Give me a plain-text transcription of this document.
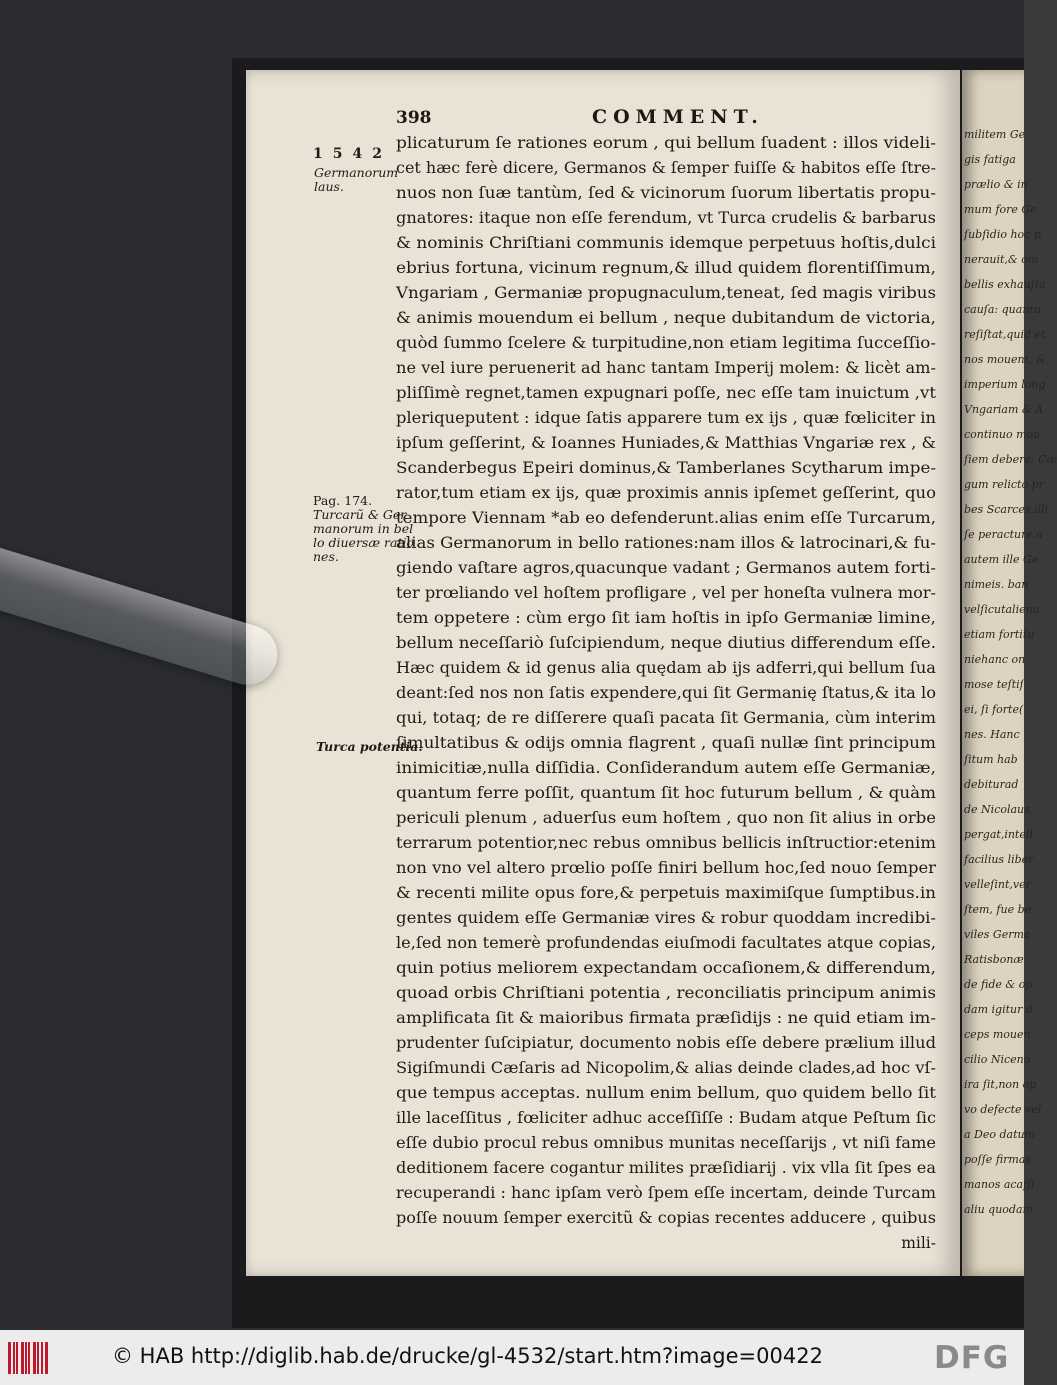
militem Ge
gis fatiga
prælio & in
mum fore Ge
ſubſidio hoc p
nerauit,& om
bellis exhauſta
cauſa: quantu
reſiſtat,quid et
nos mouent, &
imperium long
Vngariam & A
continuo mou
ſiem debere: Cæ
gum relicto pr
bes Scarces,illi
ſe peracture,a
autem ille Ge
nimeis. ban
velſicutaliena
etiam fortitu
niehanc on
mose teſtiſ
ei, ſi forte(
nes. Hanc
ſitum hab
debiturad
de Nicolaus
pergat,intell
facilius liber
velleſint,ver
ſtem, fue be
viles Germa
Ratisbonæ
de fide & op
dam igitur d
ceps mouen
cilio Niceno
ira ſit,non op
vo defecte vel
a Deo datum
poſſe firmas
manos acafſi
aliu quodam
398	COMMENT.
1542
Germanorum
laus.
Pag. 174.
Turcarũ & Ger
manorum in bel
lo diuersæ ratio
nes.
Turca potentia.
plicaturum ſe rationes eorum , qui bellum ſuadent : illos videli-
cet hæc ferè dicere, Germanos & ſemper fuiſſe & habitos eſſe ſtre-
nuos non ſuæ tantùm, ſed & vicinorum ſuorum libertatis propu-
gnatores: itaque non eſſe ferendum, vt Turca crudelis & barbarus
& nominis Chriſtiani communis idemque perpetuus hoſtis,dulci
ebrius fortuna, vicinum regnum,& illud quidem florentiſſimum,
Vngariam , Germaniæ propugnaculum,teneat, ſed magis viribus
& animis mouendum ei bellum , neque dubitandum de victoria,
quòd ſummo ſcelere & turpitudine,non etiam legitima ſucceſſio-
ne vel iure peruenerit ad hanc tantam Imperij molem: & licèt am-
pliſſimè regnet,tamen expugnari poſſe, nec eſſe tam inuictum ,vt
pleriqueputent : idque ſatis apparere tum ex ijs , quæ fœliciter in
ipſum geſſerint, & Ioannes Huniades,& Matthias Vngariæ rex , &
Scanderbegus Epeiri dominus,& Tamberlanes Scytharum impe-
rator,tum etiam ex ijs, quæ proximis annis ipſemet geſſerint, quo
tempore Viennam *ab eo defenderunt.alias enim eſſe Turcarum,
alias Germanorum in bello rationes:nam illos & latrocinari,& fu-
giendo vaſtare agros,quacunque vadant ; Germanos autem forti-
ter prœliando vel hoſtem profligare , vel per honeſta vulnera mor-
tem oppetere : cùm ergo ſit iam hoſtis in ipſo Germaniæ limine,
bellum neceſſariò ſuſcipiendum, neque diutius differendum eſſe.
Hæc quidem & id genus alia quędam ab ijs adferri,qui bellum ſua
deant:ſed nos non ſatis expendere,qui ſit Germanię ſtatus,& ita lo
qui, totaq; de re diſſerere quaſi pacata ſit Germania, cùm interim
ſimultatibus & odijs omnia flagrent , quaſi nullæ ſint principum
inimicitiæ,nulla diſſidia. Conſiderandum autem eſſe Germaniæ,
quantum ferre poſſit, quantum ſit hoc futurum bellum , & quàm
periculi plenum , aduerſus eum hoſtem , quo non ſit alius in orbe
terrarum potentior,nec rebus omnibus bellicis inſtructior:etenim
non vno vel altero prœlio poſſe finiri bellum hoc,ſed nouo ſemper
& recenti milite opus fore,& perpetuis maximiſque ſumptibus.in
gentes quidem eſſe Germaniæ vires & robur quoddam incredibi-
le,ſed non temerè profundendas eiuſmodi facultates atque copias,
quin potius meliorem expectandam occaſionem,& differendum,
quoad orbis Chriſtiani potentia , reconciliatis principum animis
amplificata ſit & maioribus firmata præſidijs : ne quid etiam im-
prudenter ſuſcipiatur, documento nobis eſſe debere prælium illud
Sigiſmundi Cæſaris ad Nicopolim,& alias deinde clades,ad hoc vſ-
que tempus acceptas. nullum enim bellum, quo quidem bello ſit
ille laceſſitus , fœliciter adhuc acceſſiſſe : Budam atque Peſtum ſic
eſſe dubio procul rebus omnibus munitas neceſſarijs , vt niſi fame
deditionem facere cogantur milites præſidiarij . vix vlla ſit ſpes ea
recuperandi : hanc ipſam verò ſpem eſſe incertam, deinde Turcam
poſſe nouum ſemper exercitũ & copias recentes adducere , quibus
mili-
© HAB http://diglib.hab.de/drucke/gl-4532/start.htm?image=00422	DFG
